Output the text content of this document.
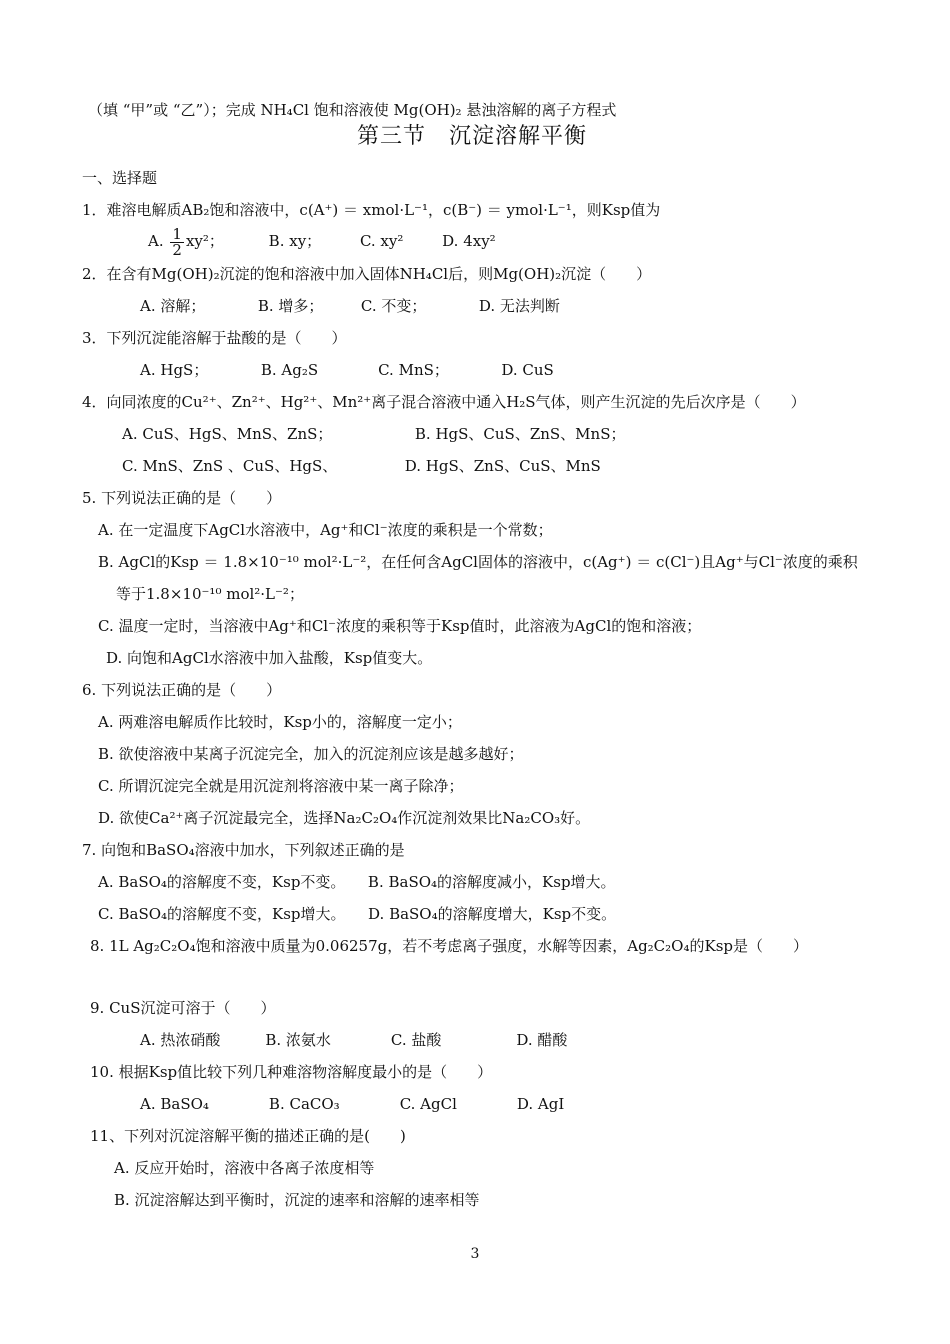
（填 “甲”或 “乙”）；完成 NH₄Cl 饱和溶液使 Mg(OH)₂ 悬浊溶解的离子方程式
第三节　沉淀溶解平衡
一、选择题
1．难溶电解质AB₂饱和溶液中，c(A⁺) ＝ xmol·L⁻¹，c(B⁻) ＝ ymol·L⁻¹，则Ksp值为
A. $\frac{1}{2} xy^2$；	B. xy；	C. xy²	D. 4xy²
2．在含有Mg(OH)₂沉淀的饱和溶液中加入固体NH₄Cl后，则Mg(OH)₂沉淀（　　）
A. 溶解；　　　　B. 增多；　　　C. 不变；　　　　D. 无法判断
3．下列沉淀能溶解于盐酸的是（　　）
A. HgS；　　　　B. Ag₂S　　　　C. MnS；　　　　D. CuS
4．向同浓度的Cu²⁺、Zn²⁺、Hg²⁺、Mn²⁺离子混合溶液中通入H₂S气体，则产生沉淀的先后次序是（　　）
A. CuS、HgS、MnS、ZnS；　　　　　　B. HgS、CuS、ZnS、MnS；
C. MnS、ZnS 、CuS、HgS、　　　　　D. HgS、ZnS、CuS、MnS
5. 下列说法正确的是（　　）
A. 在一定温度下AgCl水溶液中，Ag⁺和Cl⁻浓度的乘积是一个常数；
B. AgCl的Ksp ＝ 1.8×10⁻¹⁰ mol²·L⁻²，在任何含AgCl固体的溶液中，c(Ag⁺) ＝ c(Cl⁻)且Ag⁺与Cl⁻浓度的乘积
等于1.8×10⁻¹⁰ mol²·L⁻²；
C. 温度一定时，当溶液中Ag⁺和Cl⁻浓度的乘积等于Ksp值时，此溶液为AgCl的饱和溶液；
D. 向饱和AgCl水溶液中加入盐酸，Ksp值变大。
6. 下列说法正确的是（　　）
A. 两难溶电解质作比较时，Ksp小的，溶解度一定小；
B. 欲使溶液中某离子沉淀完全，加入的沉淀剂应该是越多越好；
C. 所谓沉淀完全就是用沉淀剂将溶液中某一离子除净；
D. 欲使Ca²⁺离子沉淀最完全，选择Na₂C₂O₄作沉淀剂效果比Na₂CO₃好。
7. 向饱和BaSO₄溶液中加水，下列叙述正确的是
A. BaSO₄的溶解度不变，Ksp不变。　　B. BaSO₄的溶解度减小，Ksp增大。
C. BaSO₄的溶解度不变，Ksp增大。　　D. BaSO₄的溶解度增大，Ksp不变。
8. 1L Ag₂C₂O₄饱和溶液中质量为0.06257g，若不考虑离子强度，水解等因素，Ag₂C₂O₄的Ksp是（　　）
9. CuS沉淀可溶于（　　）
A. 热浓硝酸　　　B. 浓氨水　　　　C. 盐酸　　　　　D. 醋酸
10. 根据Ksp值比较下列几种难溶物溶解度最小的是（　　）
A. BaSO₄　　　　B. CaCO₃　　　　C. AgCl　　　　D. AgI
11、下列对沉淀溶解平衡的描述正确的是(　　)
A. 反应开始时，溶液中各离子浓度相等
B. 沉淀溶解达到平衡时，沉淀的速率和溶解的速率相等
3
